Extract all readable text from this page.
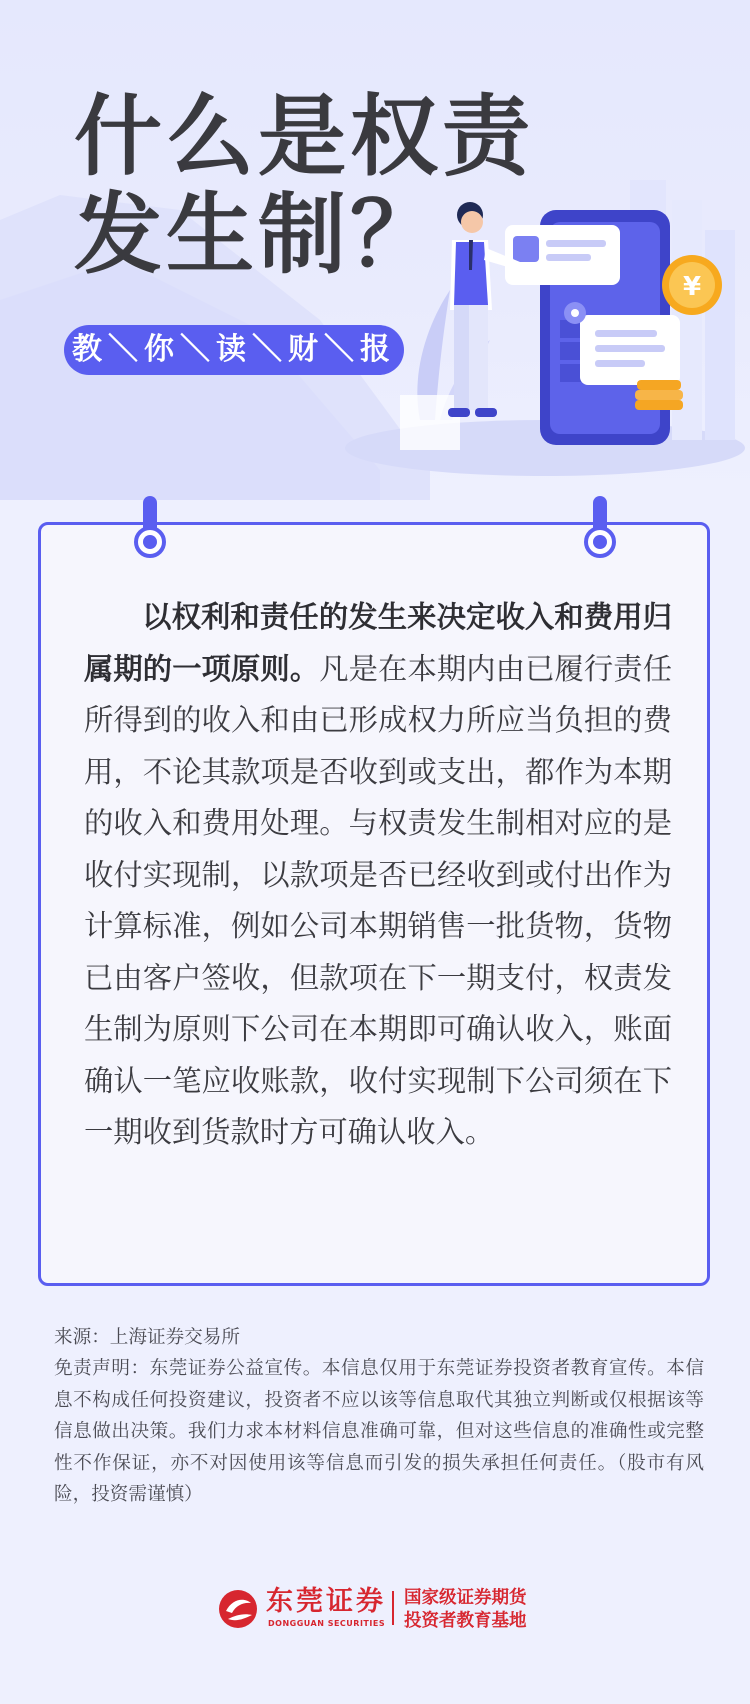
什么是权责
发生制？
教＼你＼读＼财＼报
¥

以权利和责任的发生来决定收入和费用归属期的一项原则。凡是在本期内由已履行责任所得到的收入和由已形成权力所应当负担的费用，不论其款项是否收到或支出，都作为本期的收入和费用处理。与权责发生制相对应的是收付实现制，以款项是否已经收到或付出作为计算标准，例如公司本期销售一批货物，货物已由客户签收，但款项在下一期支付，权责发生制为原则下公司在本期即可确认收入，账面确认一笔应收账款，收付实现制下公司须在下一期收到货款时方可确认收入。

来源：上海证券交易所

免责声明：东莞证券公益宣传。本信息仅用于东莞证券投资者教育宣传。本信息不构成任何投资建议，投资者不应以该等信息取代其独立判断或仅根据该等信息做出决策。我们力求本材料信息准确可靠，但对这些信息的准确性或完整性不作保证，亦不对因使用该等信息而引发的损失承担任何责任。（股市有风险，投资需谨慎）

东莞证券
DONGGUAN SECURITIES
国家级证券期货
投资者教育基地
